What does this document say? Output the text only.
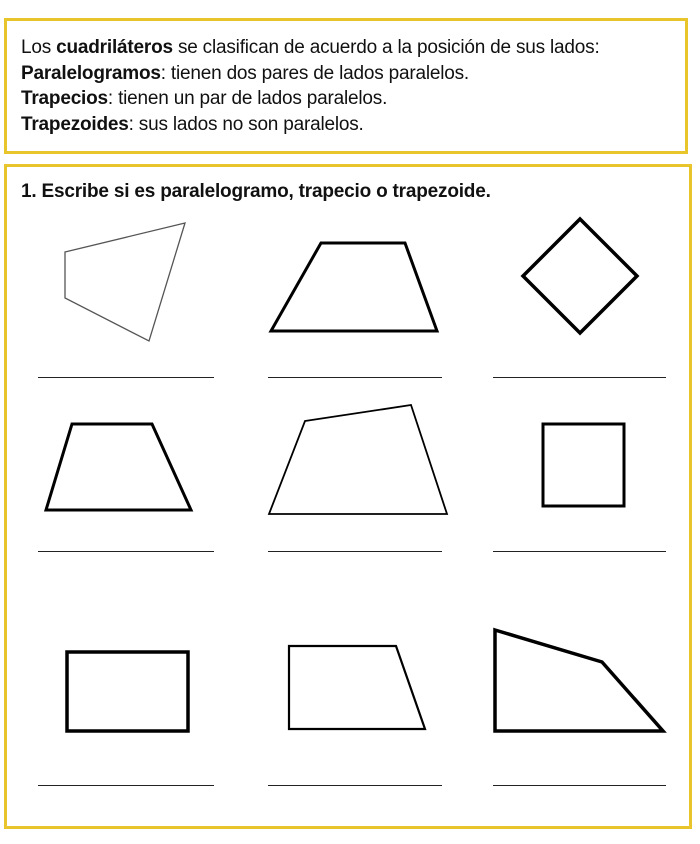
Los cuadriláteros se clasifican de acuerdo a la posición de sus lados:
Paralelogramos: tienen dos pares de lados paralelos.
Trapecios: tienen un par de lados paralelos.
Trapezoides: sus lados no son paralelos.
1. Escribe si es paralelogramo, trapecio o trapezoide.
